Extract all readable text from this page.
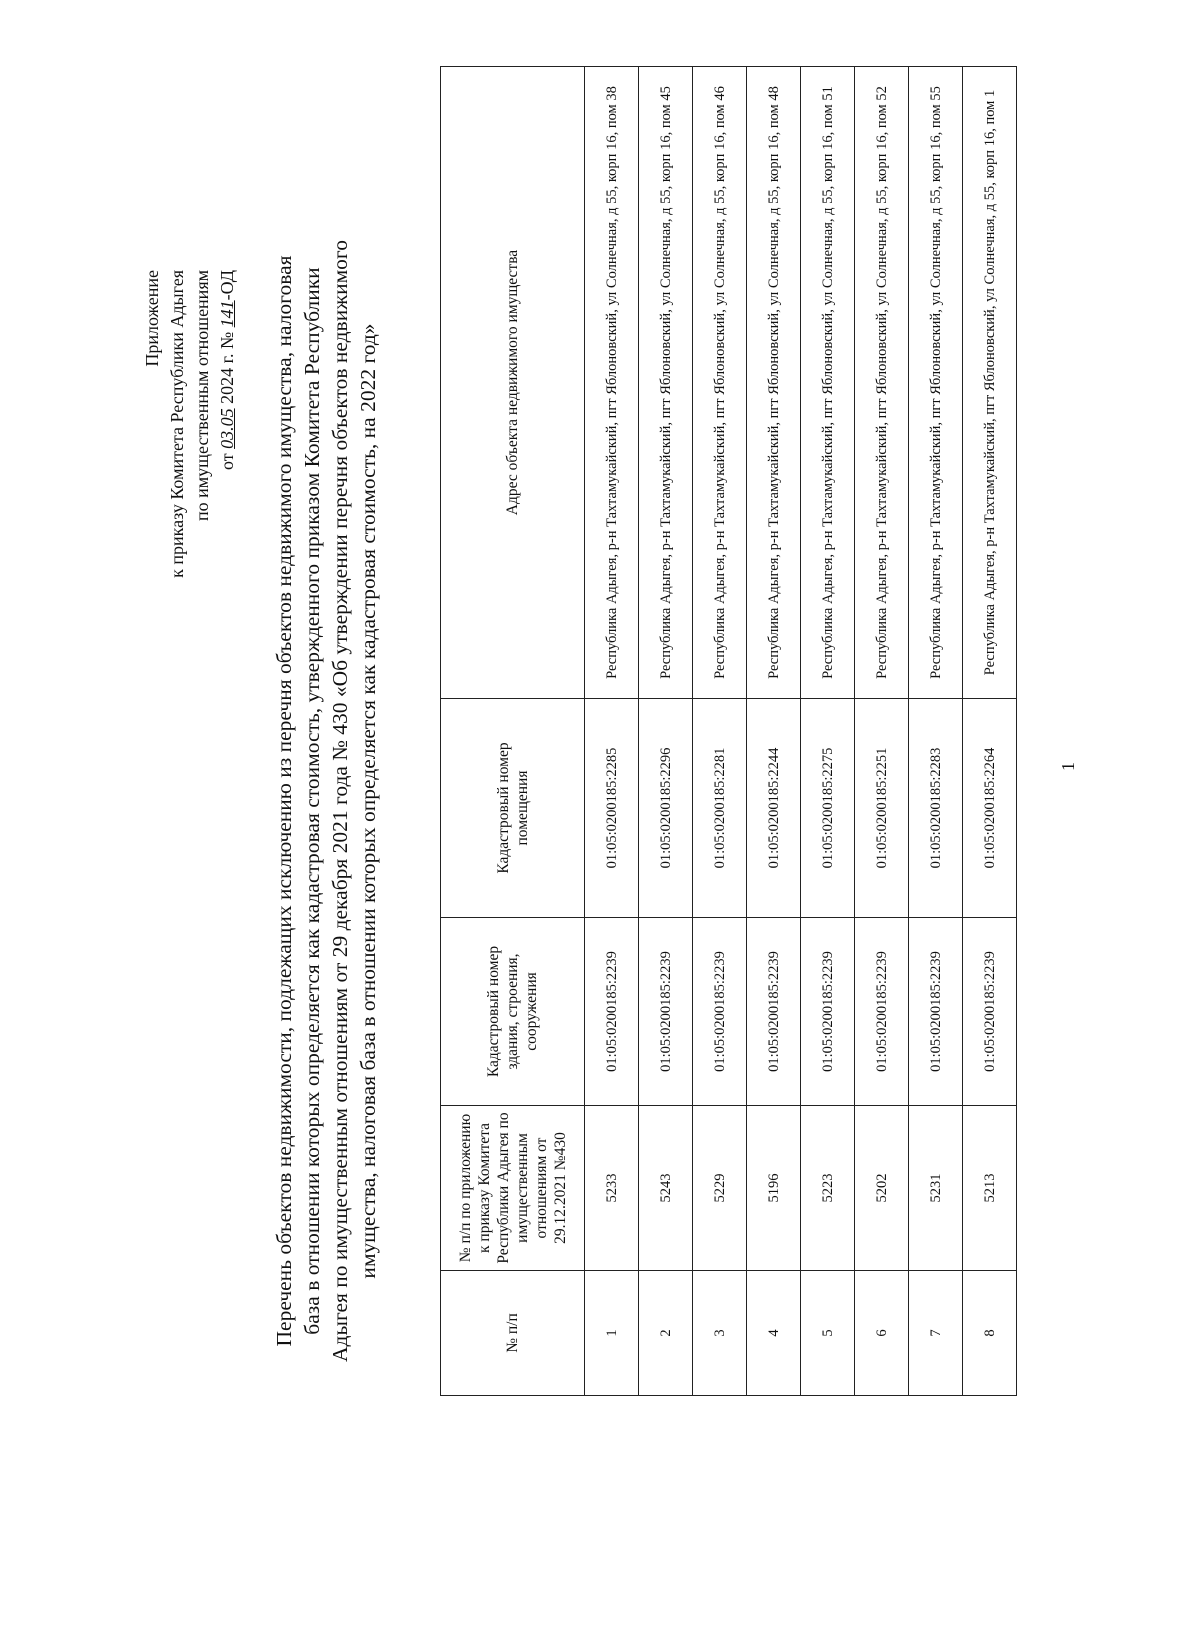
Приложение к приказу Комитета Республики Адыгея по имущественным отношениям от 03.05 2024 г. № 141-ОД Перечень объектов недвижимости, подлежащих исключению из перечня объектов недвижимого имущества, налоговая база в отношении которых определяется как кадастровая стоимость, утвержденного приказом Комитета Республики Адыгея по имущественным отношениям от 29 декабря 2021 года № 430 «Об утверждении перечня объектов недвижимого имущества, налоговая база в отношении которых определяется как кадастровая стоимость, на 2022 год»
№ п/п	№ п/п по приложению к приказу Комитета Республики Адыгея по имущественным отношениям от 29.12.2021 №430	Кадастровый номер здания, строения, сооружения	Кадастровый номер помещения	Адрес объекта недвижимого имущества
1	5233	01:05:0200185:2239	01:05:0200185:2285	Республика Адыгея, р-н Тахтамукайский, пгт Яблоновский, ул Солнечная, д 55, корп 16, пом 38
2	5243	01:05:0200185:2239	01:05:0200185:2296	Республика Адыгея, р-н Тахтамукайский, пгт Яблоновский, ул Солнечная, д 55, корп 16, пом 45
3	5229	01:05:0200185:2239	01:05:0200185:2281	Республика Адыгея, р-н Тахтамукайский, пгт Яблоновский, ул Солнечная, д 55, корп 16, пом 46
4	5196	01:05:0200185:2239	01:05:0200185:2244	Республика Адыгея, р-н Тахтамукайский, пгт Яблоновский, ул Солнечная, д 55, корп 16, пом 48
5	5223	01:05:0200185:2239	01:05:0200185:2275	Республика Адыгея, р-н Тахтамукайский, пгт Яблоновский, ул Солнечная, д 55, корп 16, пом 51
6	5202	01:05:0200185:2239	01:05:0200185:2251	Республика Адыгея, р-н Тахтамукайский, пгт Яблоновский, ул Солнечная, д 55, корп 16, пом 52
7	5231	01:05:0200185:2239	01:05:0200185:2283	Республика Адыгея, р-н Тахтамукайский, пгт Яблоновский, ул Солнечная, д 55, корп 16, пом 55
8	5213	01:05:0200185:2239	01:05:0200185:2264	Республика Адыгея, р-н Тахтамукайский, пгт Яблоновский, ул Солнечная, д 55, корп 16, пом 1
1
